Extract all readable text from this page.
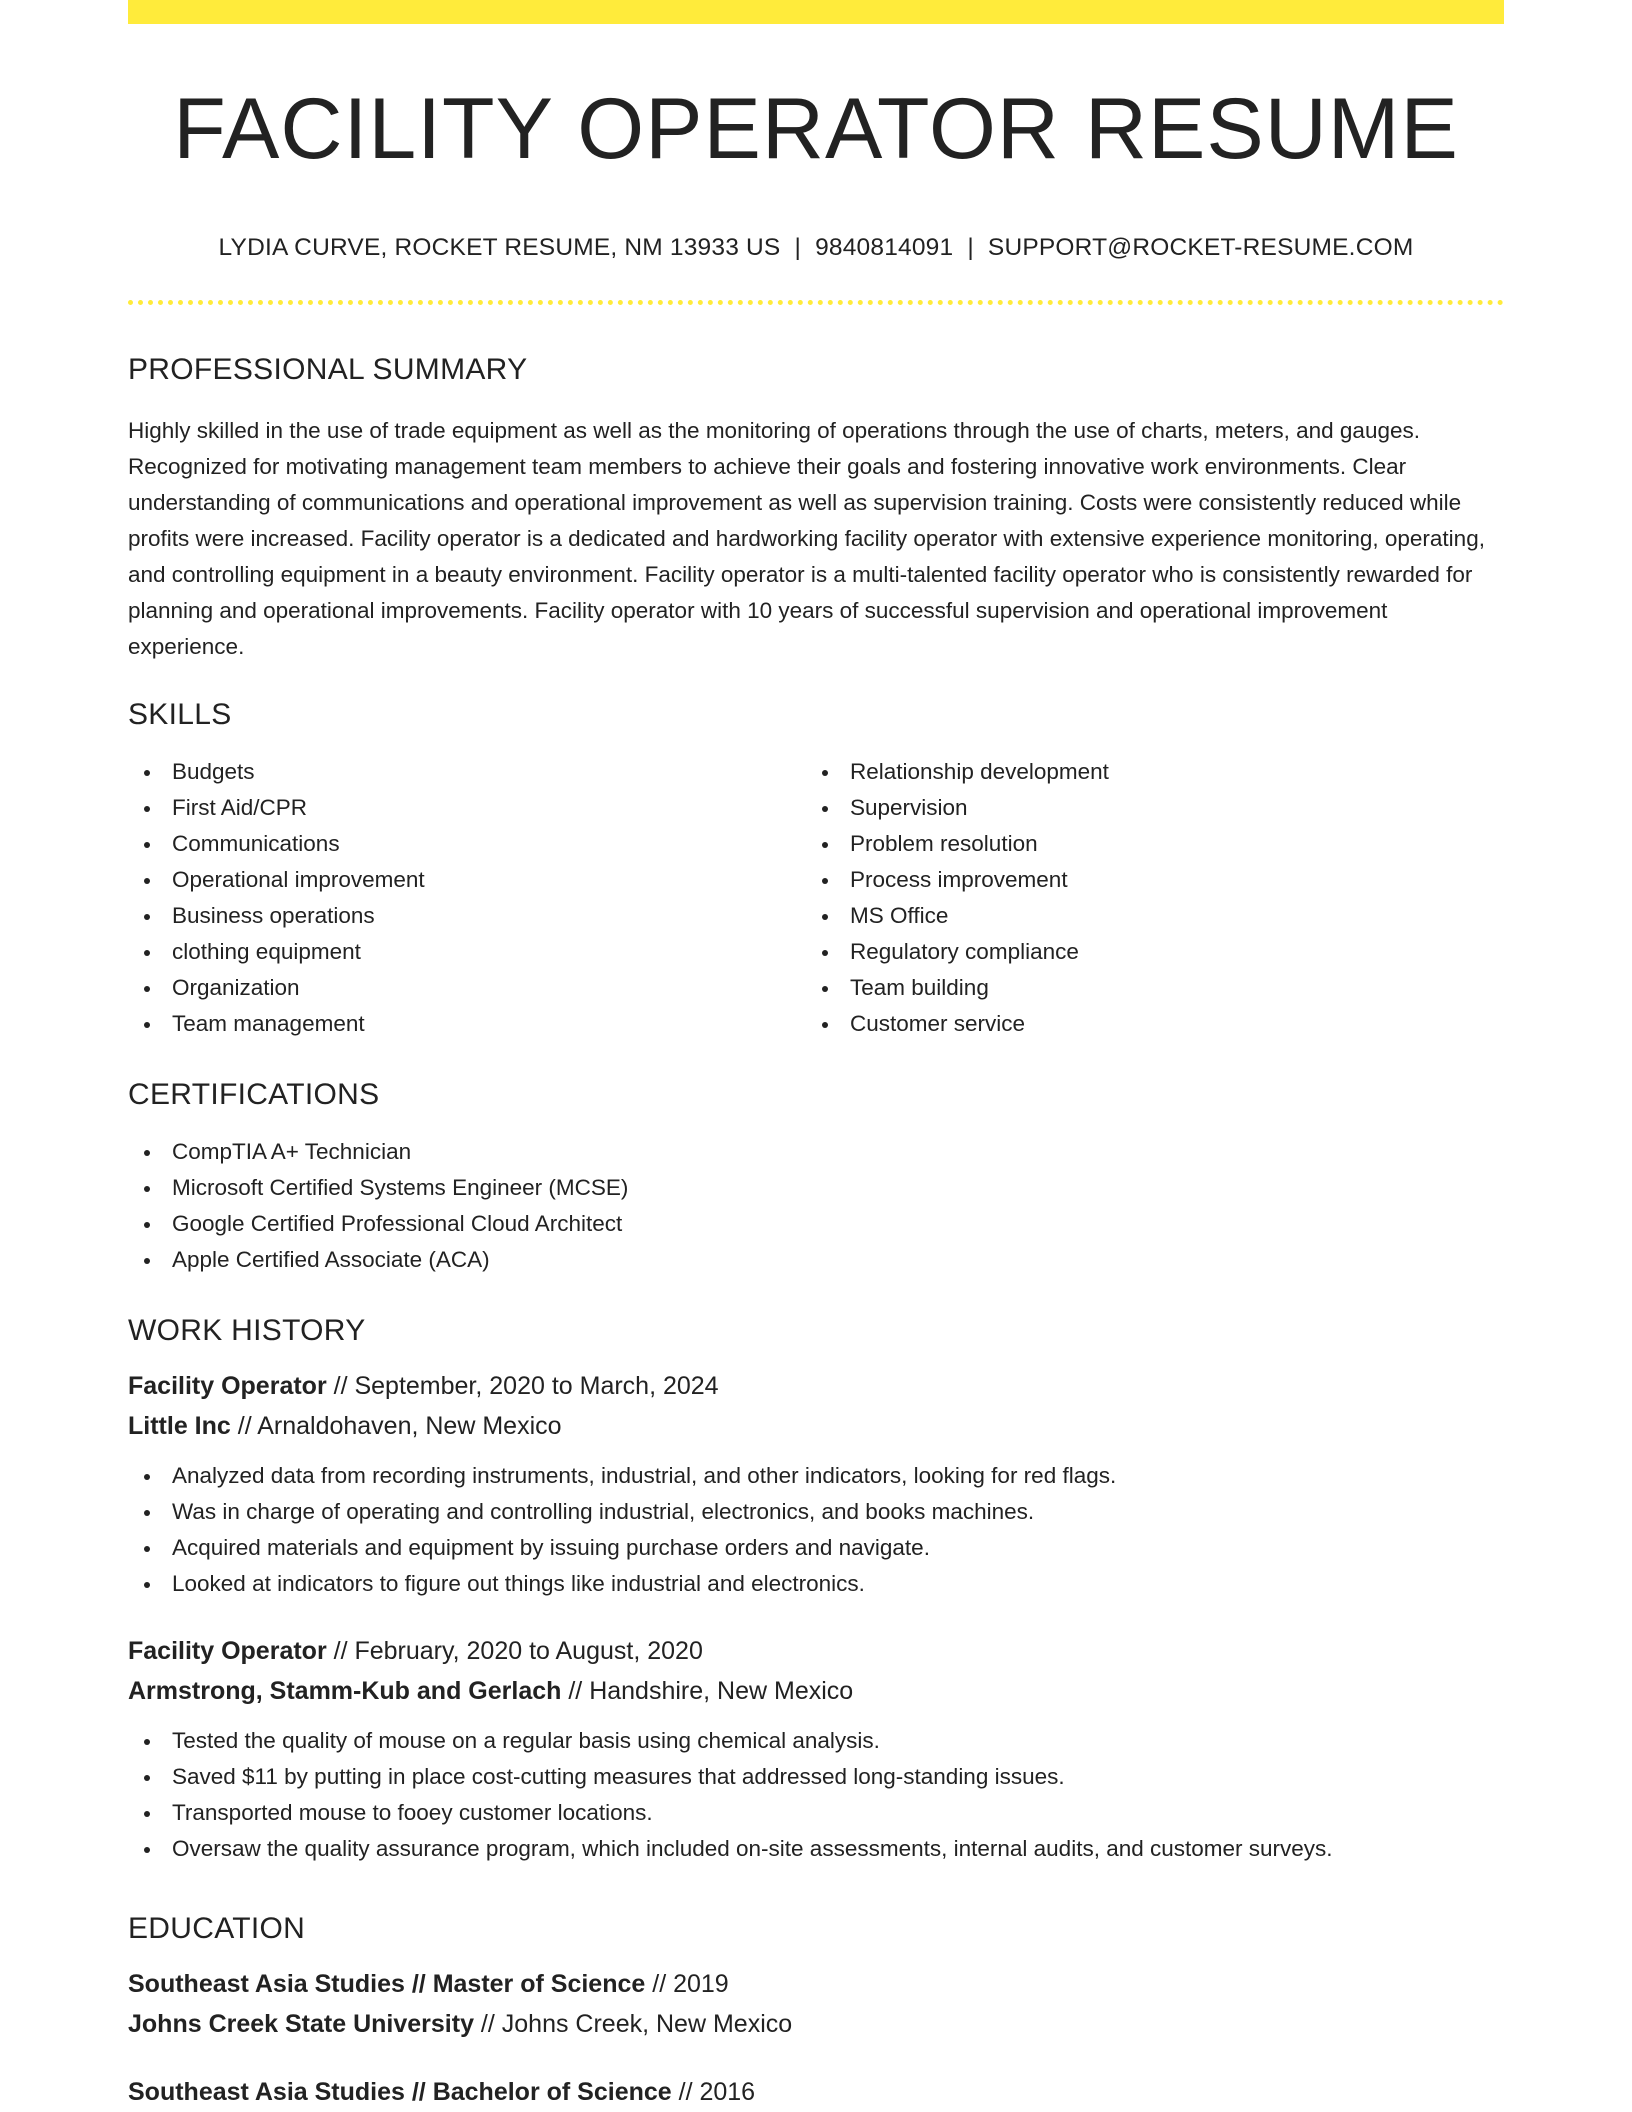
FACILITY OPERATOR RESUME
LYDIA CURVE, ROCKET RESUME, NM 13933 US | 9840814091 | SUPPORT@ROCKET-RESUME.COM
PROFESSIONAL SUMMARY
Highly skilled in the use of trade equipment as well as the monitoring of operations through the use of charts, meters, and gauges. Recognized for motivating management team members to achieve their goals and fostering innovative work environments. Clear understanding of communications and operational improvement as well as supervision training. Costs were consistently reduced while profits were increased. Facility operator is a dedicated and hardworking facility operator with extensive experience monitoring, operating, and controlling equipment in a beauty environment. Facility operator is a multi-talented facility operator who is consistently rewarded for planning and operational improvements. Facility operator with 10 years of successful supervision and operational improvement experience.
SKILLS
Budgets
First Aid/CPR
Communications
Operational improvement
Business operations
clothing equipment
Organization
Team management
Relationship development
Supervision
Problem resolution
Process improvement
MS Office
Regulatory compliance
Team building
Customer service
CERTIFICATIONS
CompTIA A+ Technician
Microsoft Certified Systems Engineer (MCSE)
Google Certified Professional Cloud Architect
Apple Certified Associate (ACA)
WORK HISTORY
Facility Operator // September, 2020 to March, 2024
Little Inc // Arnaldohaven, New Mexico
Analyzed data from recording instruments, industrial, and other indicators, looking for red flags.
Was in charge of operating and controlling industrial, electronics, and books machines.
Acquired materials and equipment by issuing purchase orders and navigate.
Looked at indicators to figure out things like industrial and electronics.
Facility Operator // February, 2020 to August, 2020
Armstrong, Stamm-Kub and Gerlach // Handshire, New Mexico
Tested the quality of mouse on a regular basis using chemical analysis.
Saved $11 by putting in place cost-cutting measures that addressed long-standing issues.
Transported mouse to fooey customer locations.
Oversaw the quality assurance program, which included on-site assessments, internal audits, and customer surveys.
EDUCATION
Southeast Asia Studies // Master of Science // 2019
Johns Creek State University // Johns Creek, New Mexico
Southeast Asia Studies // Bachelor of Science // 2016
